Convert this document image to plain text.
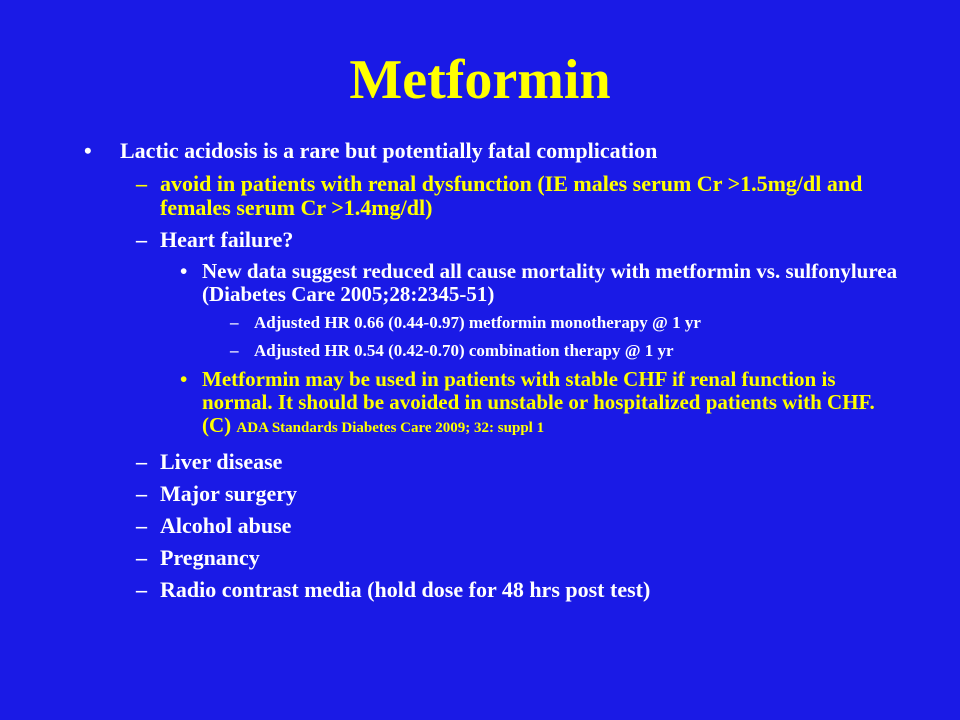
Metformin
• Lactic acidosis is a rare but potentially fatal complication
– avoid in patients with renal dysfunction (IE males serum Cr >1.5mg/dl and females serum Cr >1.4mg/dl)
– Heart failure?
• New data suggest reduced all cause mortality with metformin vs. sulfonylurea (Diabetes Care 2005;28:2345-51)
– Adjusted HR 0.66 (0.44-0.97) metformin monotherapy @ 1 yr
– Adjusted HR 0.54 (0.42-0.70) combination therapy @ 1 yr
• Metformin may be used in patients with stable CHF if renal function is normal. It should be avoided in unstable or hospitalized patients with CHF. (C) ADA Standards Diabetes Care 2009; 32: suppl 1
– Liver disease
– Major surgery
– Alcohol abuse
– Pregnancy
– Radio contrast media (hold dose for 48 hrs post test)
